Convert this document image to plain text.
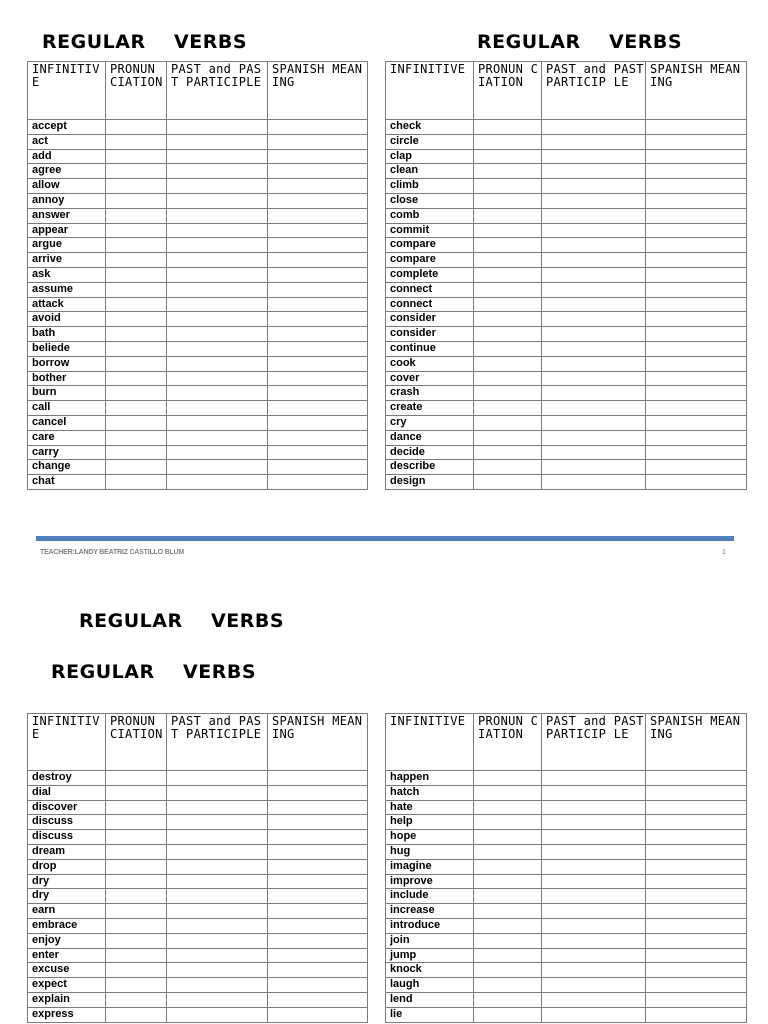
REGULAR    VERBS	REGULAR    VERBS
INFINITIVE	PRONUN CIATION	PAST and PAST PARTICIPLE	SPANISH MEANING
accept			
act			
add			
agree			
allow			
annoy			
answer			
appear			
argue			
arrive			
ask			
assume			
attack			
avoid			
bath			
beliede			
borrow			
bother			
burn			
call			
cancel			
care			
carry			
change			
chat			
INFINITIVE	PRONUN CIATION	PAST and PASTPARTICIP LE	SPANISH MEANING
check			
circle			
clap			
clean			
climb			
close			
comb			
commit			
compare			
compare			
complete			
connect			
connect			
consider			
consider			
continue			
cook			
cover			
crash			
create			
cry			
dance			
decide			
describe			
design			
TEACHER:LANDY BEATRIZ CASTILLO BLUM	1
REGULAR    VERBS
REGULAR    VERBS
INFINITIVE	PRONUN CIATION	PAST and PAST PARTICIPLE	SPANISH MEANING
destroy			
dial			
discover			
discuss			
discuss			
dream			
drop			
dry			
dry			
earn			
embrace			
enjoy			
enter			
excuse			
expect			
explain			
express			
INFINITIVE	PRONUN CIATION	PAST and PASTPARTICIP LE	SPANISH MEANING
happen			
hatch			
hate			
help			
hope			
hug			
imagine			
improve			
include			
increase			
introduce			
join			
jump			
knock			
laugh			
lend			
lie			
